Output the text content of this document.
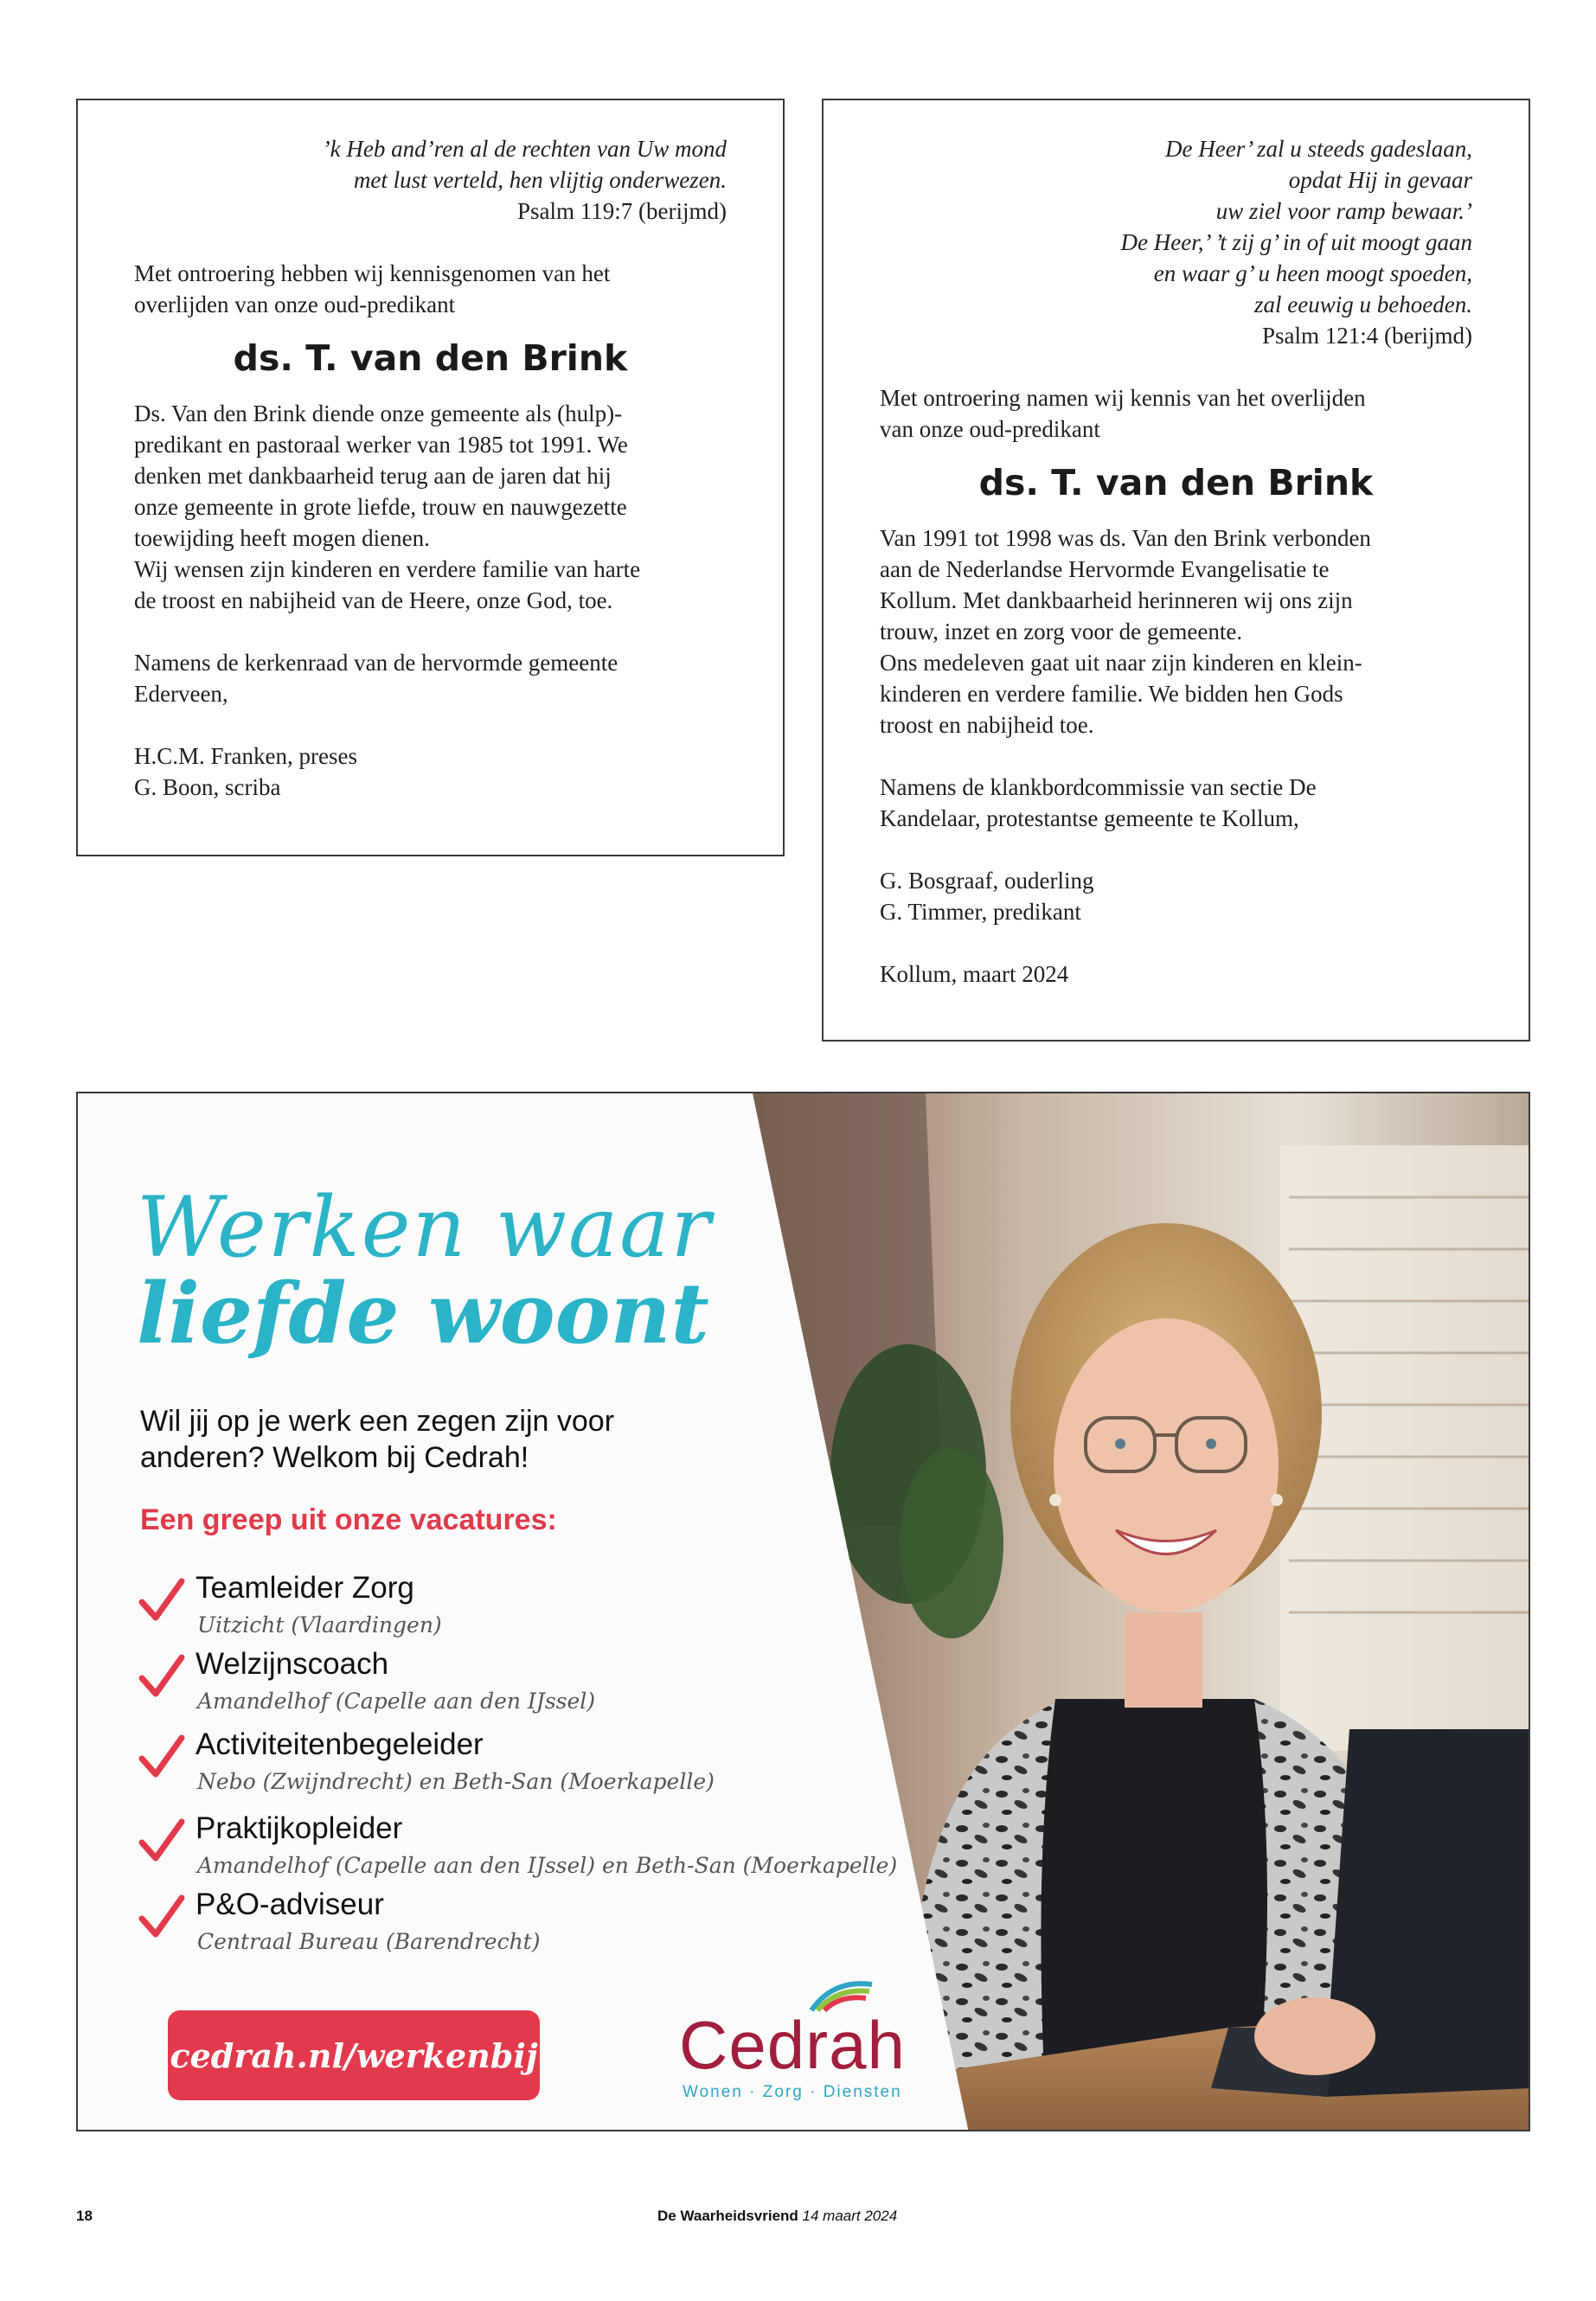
’k Heb and’ren al de rechten van Uw mond
met lust verteld, hen vlijtig onderwezen.
Psalm 119:7 (berijmd)

Met ontroering hebben wij kennisgenomen van het
overlijden van onze oud-predikant

ds. T. van den Brink

Ds. Van den Brink diende onze gemeente als (hulp)-
predikant en pastoraal werker van 1985 tot 1991. We
denken met dankbaarheid terug aan de jaren dat hij
onze gemeente in grote liefde, trouw en nauwgezette
toewijding heeft mogen dienen.
Wij wensen zijn kinderen en verdere familie van harte
de troost en nabijheid van de Heere, onze God, toe.

Namens de kerkenraad van de hervormde gemeente
Ederveen,

H.C.M. Franken, preses
G. Boon, scriba

De Heer’ zal u steeds gadeslaan,
opdat Hij in gevaar
uw ziel voor ramp bewaar.’
De Heer,’ ’t zij g’ in of uit moogt gaan
en waar g’ u heen moogt spoeden,
zal eeuwig u behoeden.
Psalm 121:4 (berijmd)

Met ontroering namen wij kennis van het overlijden
van onze oud-predikant

ds. T. van den Brink

Van 1991 tot 1998 was ds. Van den Brink verbonden
aan de Nederlandse Hervormde Evangelisatie te
Kollum. Met dankbaarheid herinneren wij ons zijn
trouw, inzet en zorg voor de gemeente.
Ons medeleven gaat uit naar zijn kinderen en klein-
kinderen en verdere familie. We bidden hen Gods
troost en nabijheid toe.

Namens de klankbordcommissie van sectie De
Kandelaar, protestantse gemeente te Kollum,

G. Bosgraaf, ouderling
G. Timmer, predikant

Kollum, maart 2024

Werken waar
liefde woont
Wil jij op je werk een zegen zijn voor
anderen? Welkom bij Cedrah!
Een greep uit onze vacatures:
Teamleider Zorg
Uitzicht (Vlaardingen)
Welzijnscoach
Amandelhof (Capelle aan den IJssel)
Activiteitenbegeleider
Nebo (Zwijndrecht) en Beth-San (Moerkapelle)
Praktijkopleider
Amandelhof (Capelle aan den IJssel) en Beth-San (Moerkapelle)
P&O-adviseur
Centraal Bureau (Barendrecht)
cedrah.nl/werkenbij Cedrah
Wonen · Zorg · Diensten
18	De Waarheidsvriend 14 maart 2024
